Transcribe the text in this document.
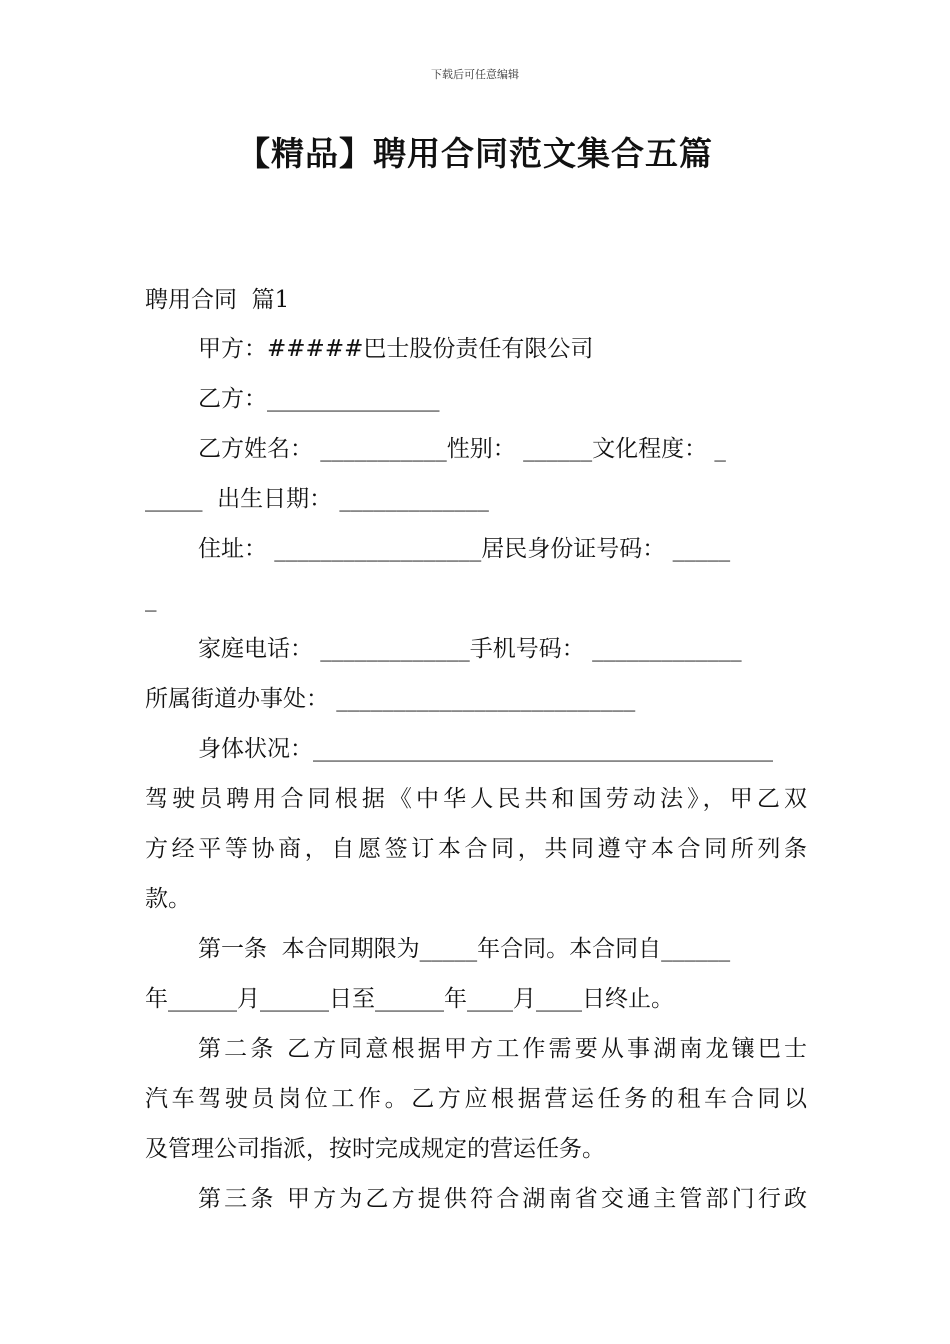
下载后可任意编辑
【精品】聘用合同范文集合五篇
聘用合同  篇1
甲方：#####巴士股份责任有限公司
乙方：_______________
乙方姓名： ___________性别： ______文化程度： _
_____  出生日期： _____________
住址： __________________居民身份证号码： _____
_
家庭电话： _____________手机号码： _____________
所属街道办事处： __________________________
身体状况：________________________________________
驾驶员聘用合同根据《中华人民共和国劳动法》，甲乙双
方经平等协商，自愿签订本合同，共同遵守本合同所列条
款。
第一条  本合同期限为_____年合同。本合同自______
年______月______日至______年____月____日终止。
第二条 乙方同意根据甲方工作需要从事湖南龙镶巴士
汽车驾驶员岗位工作。乙方应根据营运任务的租车合同以
及管理公司指派，按时完成规定的营运任务。
第三条 甲方为乙方提供符合湖南省交通主管部门行政
